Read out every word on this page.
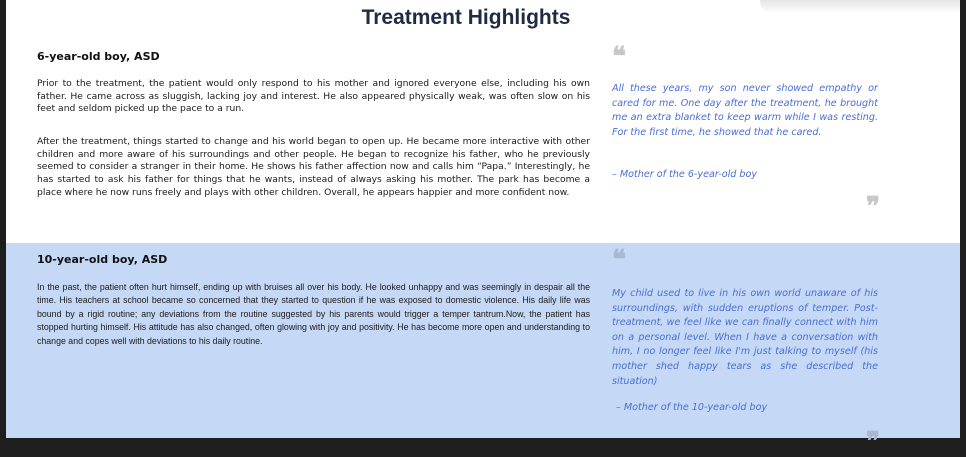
Treatment Highlights
6-year-old boy, ASD

Prior to the treatment, the patient would only respond to his mother and ignored everyone else, including his own father. He came across as sluggish, lacking joy and interest. He also appeared physically weak, was often slow on his feet and seldom picked up the pace to a run.

After the treatment, things started to change and his world began to open up. He became more interactive with other children and more aware of his surroundings and other people. He began to recognize his father, who he previously seemed to consider a stranger in their home. He shows his father affection now and calls him “Papa.” Interestingly, he has started to ask his father for things that he wants, instead of always asking his mother. The park has become a place where he now runs freely and plays with other children. Overall, he appears happier and more confident now.

❝

All these years, my son never showed empathy or cared for me. One day after the treatment, he brought me an extra blanket to keep warm while I was resting. For the first time, he showed that he cared.

– Mother of the 6-year-old boy

❞
10-year-old boy, ASD

In the past, the patient often hurt himself, ending up with bruises all over his body. He looked unhappy and was seemingly in despair all the time. His teachers at school became so concerned that they started to question if he was exposed to domestic violence. His daily life was bound by a rigid routine; any deviations from the routine suggested by his parents would trigger a temper tantrum.Now, the patient has stopped hurting himself. His attitude has also changed, often glowing with joy and positivity. He has become more open and understanding to change and copes well with deviations to his daily routine.

❝

My child used to live in his own world unaware of his surroundings, with sudden eruptions of temper. Post-treatment, we feel like we can finally connect with him on a personal level. When I have a conversation with him, I no longer feel like I'm just talking to myself (his mother shed happy tears as she described the situation)

– Mother of the 10-year-old boy

❞
